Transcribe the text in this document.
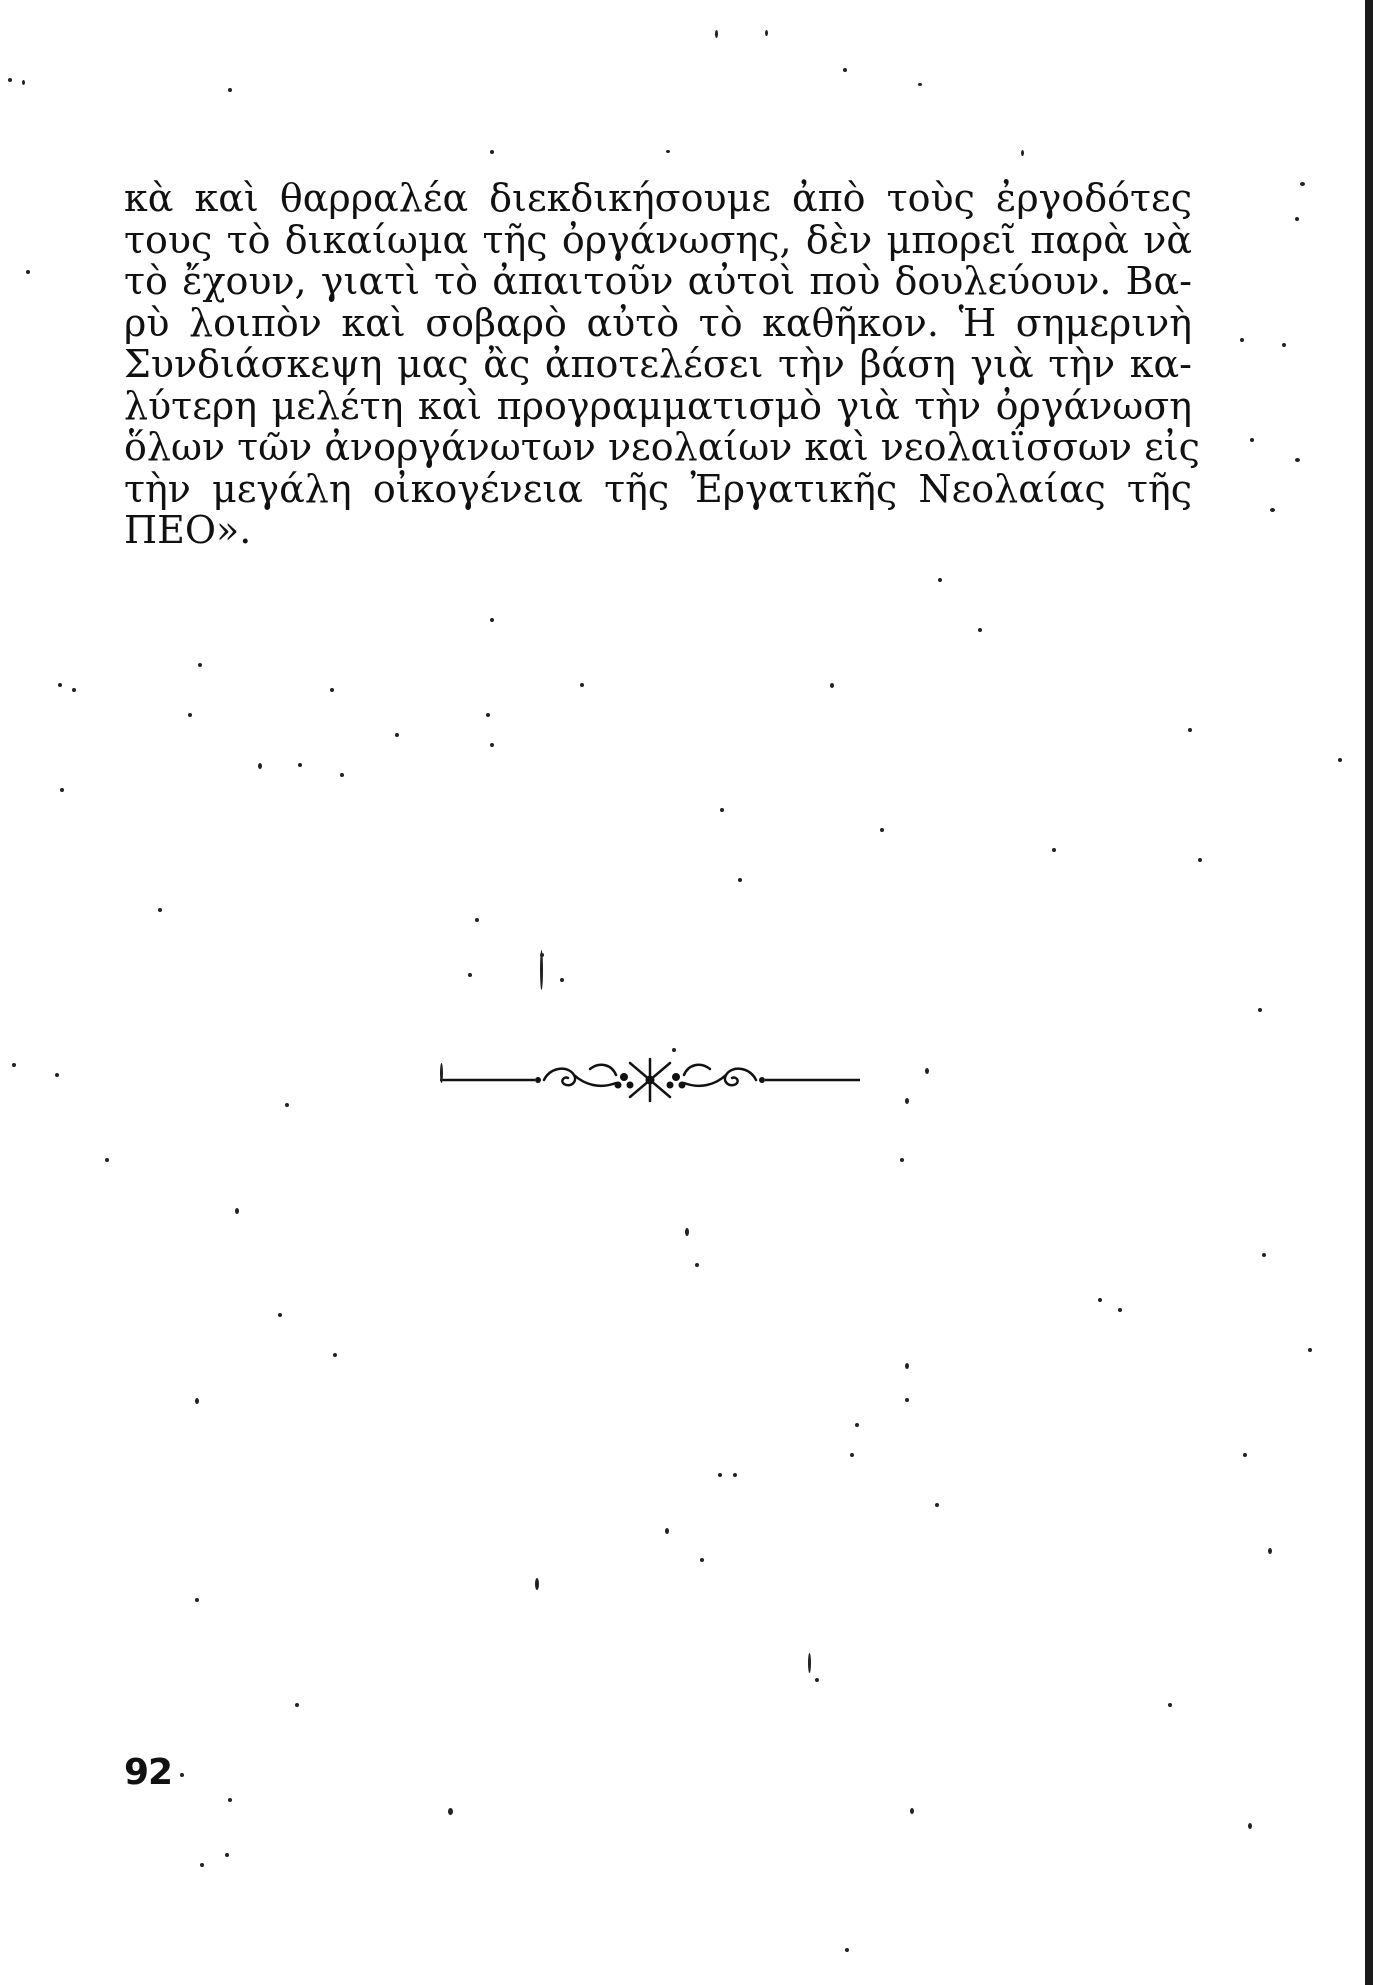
κὰ καὶ θαρραλέα διεκδικήσουμε ἀπὸ τοὺς ἐργοδότες
τους τὸ δικαίωμα τῆς ὀργάνωσης, δὲν μπορεῖ παρὰ νὰ
τὸ ἔχουν, γιατὶ τὸ ἀπαιτοῦν αὐτοὶ ποὺ δουλεύουν. Βα-
ρὺ λοιπὸν καὶ σοβαρὸ αὐτὸ τὸ καθῆκον. Ἡ σημερινὴ
Συνδιάσκεψη μας ἂς ἀποτελέσει τὴν βάση γιὰ τὴν κα-
λύτερη μελέτη καὶ προγραμματισμὸ γιὰ τὴν ὀργάνωση
ὅλων τῶν ἀνοργάνωτων νεολαίων καὶ νεολαιΐσσων εἰς
τὴν μεγάλη οἰκογένεια τῆς Ἐργατικῆς Νεολαίας τῆς
ΠΕΟ».
92
